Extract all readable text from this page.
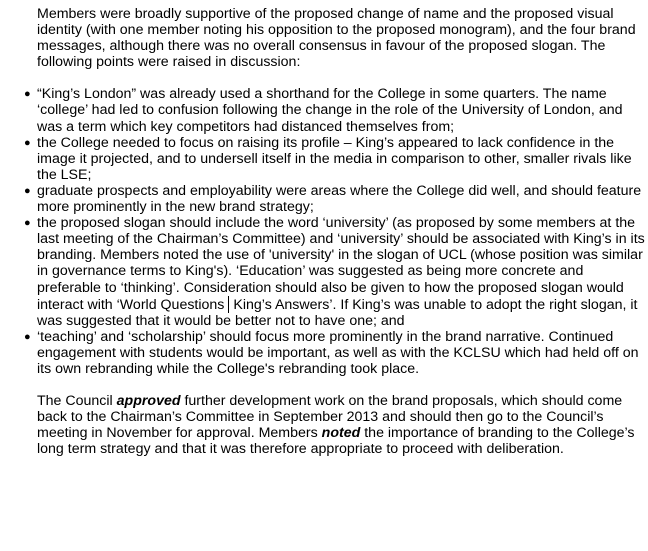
Members were broadly supportive of the proposed change of name and the proposed visual identity (with one member noting his opposition to the proposed monogram), and the four brand messages, although there was no overall consensus in favour of the proposed slogan. The following points were raised in discussion:

● “King’s London” was already used a shorthand for the College in some quarters. The name ‘college’ had led to confusion following the change in the role of the University of London, and was a term which key competitors had distanced themselves from;
● the College needed to focus on raising its profile – King’s appeared to lack confidence in the image it projected, and to undersell itself in the media in comparison to other, smaller rivals like the LSE;
● graduate prospects and employability were areas where the College did well, and should feature more prominently in the new brand strategy;
● the proposed slogan should include the word ‘university’ (as proposed by some members at the last meeting of the Chairman’s Committee) and ‘university’ should be associated with King’s in its branding. Members noted the use of 'university' in the slogan of UCL (whose position was similar in governance terms to King's). ‘Education’ was suggested as being more concrete and preferable to ‘thinking’. Consideration should also be given to how the proposed slogan would interact with ‘World Questions King’s Answers’. If King’s was unable to adopt the right slogan, it was suggested that it would be better not to have one; and
● ‘teaching’ and ‘scholarship’ should focus more prominently in the brand narrative. Continued engagement with students would be important, as well as with the KCLSU which had held off on its own rebranding while the College's rebranding took place.

The Council approved further development work on the brand proposals, which should come back to the Chairman’s Committee in September 2013 and should then go to the Council’s meeting in November for approval. Members noted the importance of branding to the College’s long term strategy and that it was therefore appropriate to proceed with deliberation.
